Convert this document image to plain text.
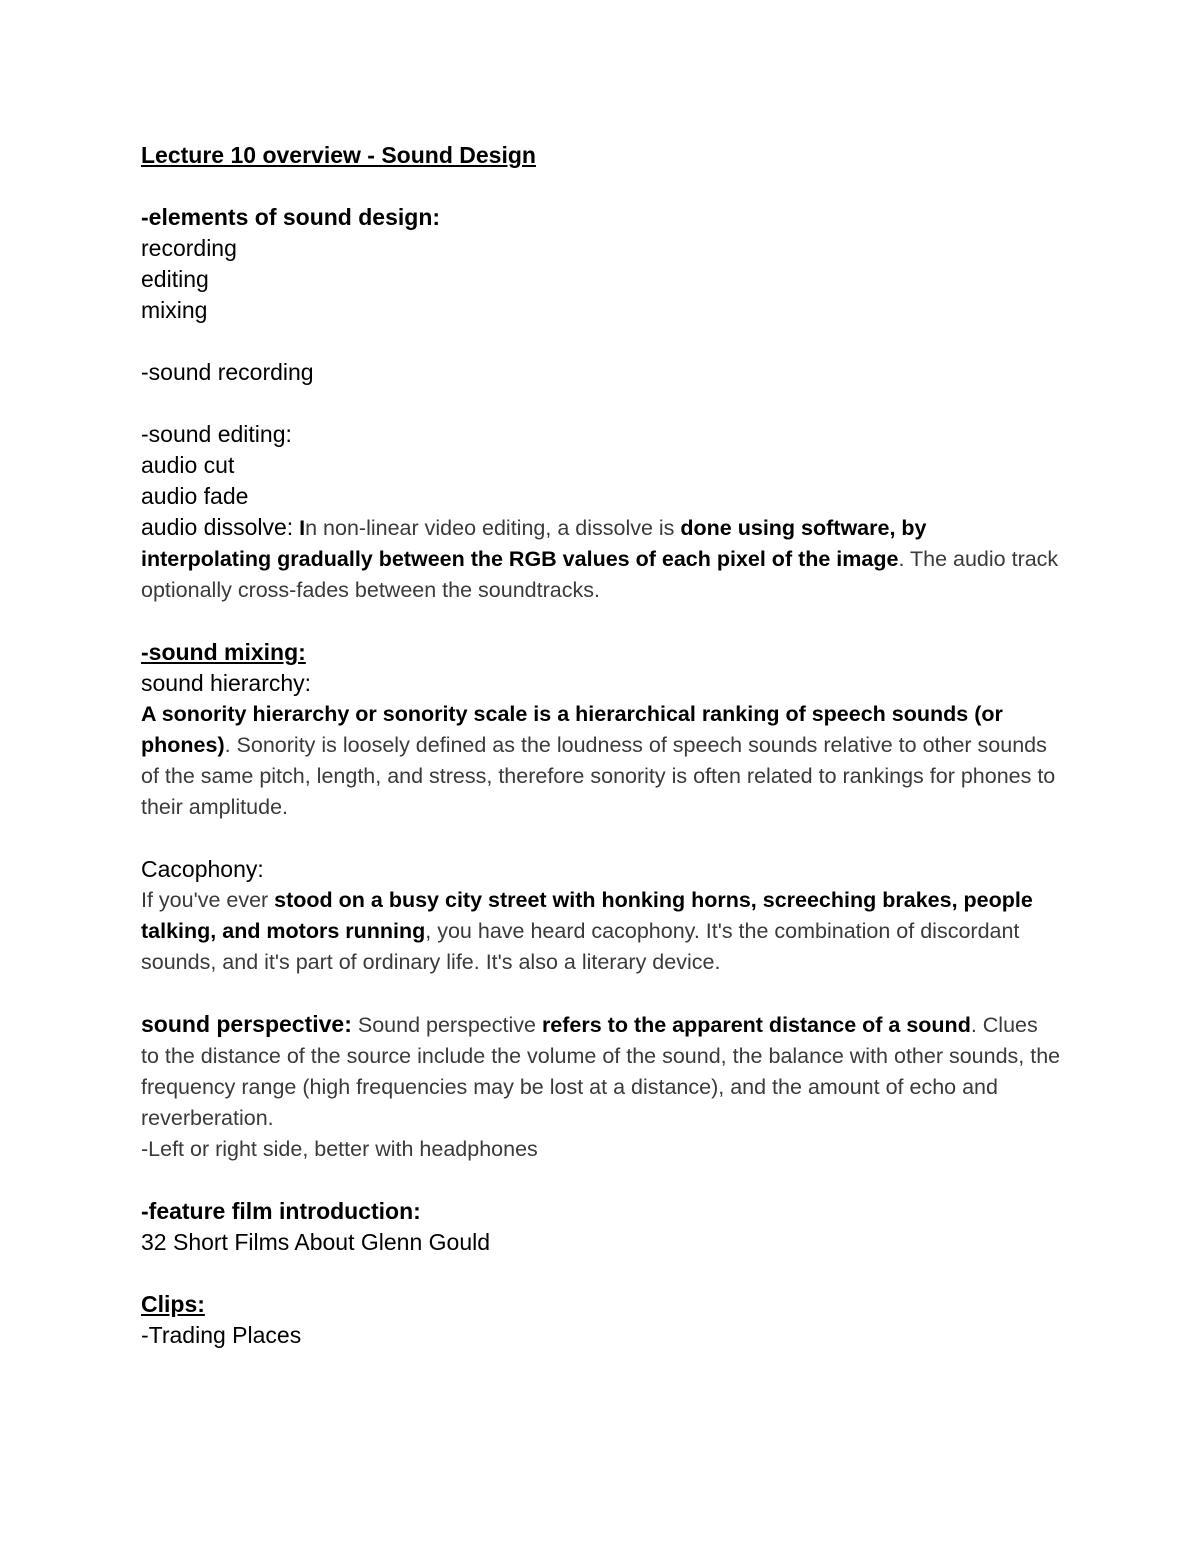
Lecture 10 overview - Sound Design

-elements of sound design:

recording

editing

mixing

-sound recording

-sound editing:

audio cut

audio fade

audio dissolve: In non-linear video editing, a dissolve is done using software, by interpolating gradually between the RGB values of each pixel of the image. The audio track optionally cross-fades between the soundtracks.

-sound mixing:

sound hierarchy:

A sonority hierarchy or sonority scale is a hierarchical ranking of speech sounds (or phones). Sonority is loosely defined as the loudness of speech sounds relative to other sounds of the same pitch, length, and stress, therefore sonority is often related to rankings for phones to their amplitude.

Cacophony:

If you've ever stood on a busy city street with honking horns, screeching brakes, people talking, and motors running, you have heard cacophony. It's the combination of discordant sounds, and it's part of ordinary life. It's also a literary device.

sound perspective: Sound perspective refers to the apparent distance of a sound. Clues to the distance of the source include the volume of the sound, the balance with other sounds, the frequency range (high frequencies may be lost at a distance), and the amount of echo and reverberation.

-Left or right side, better with headphones

-feature film introduction:

32 Short Films About Glenn Gould

Clips:

-Trading Places
